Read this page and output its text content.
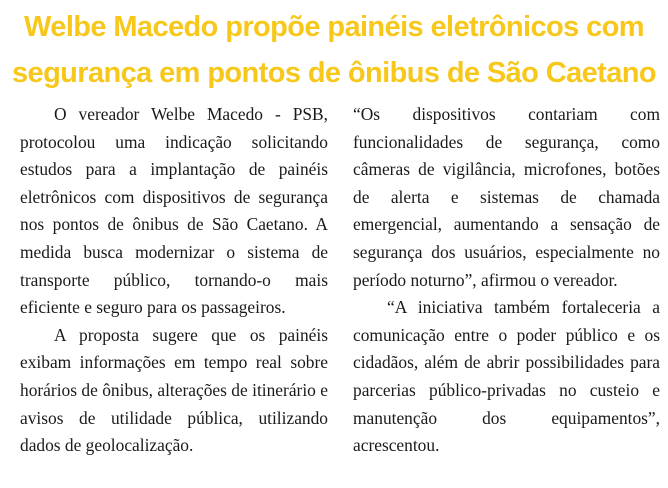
Welbe Macedo propõe painéis eletrônicos com
segurança em pontos de ônibus de São Caetano

O vereador Welbe Macedo - PSB, protocolou uma indicação solicitando estudos para a implantação de painéis eletrônicos com dispositivos de segurança nos pontos de ônibus de São Caetano. A medida busca modernizar o sistema de transporte público, tornando-o mais eficiente e seguro para os passageiros.

A proposta sugere que os painéis exibam informações em tempo real sobre horários de ônibus, alterações de itinerário e avisos de utilidade pública, utilizando dados de geolocalização.

“Os dispositivos contariam com funcionalidades de segurança, como câmeras de vigilância, microfones, botões de alerta e sistemas de chamada emergencial, aumentando a sensação de segurança dos usuários, especialmente no período noturno”, afirmou o vereador.

“A iniciativa também fortaleceria a comunicação entre o poder público e os cidadãos, além de abrir possibilidades para parcerias público-privadas no custeio e manutenção dos equipamentos”, acrescentou.
